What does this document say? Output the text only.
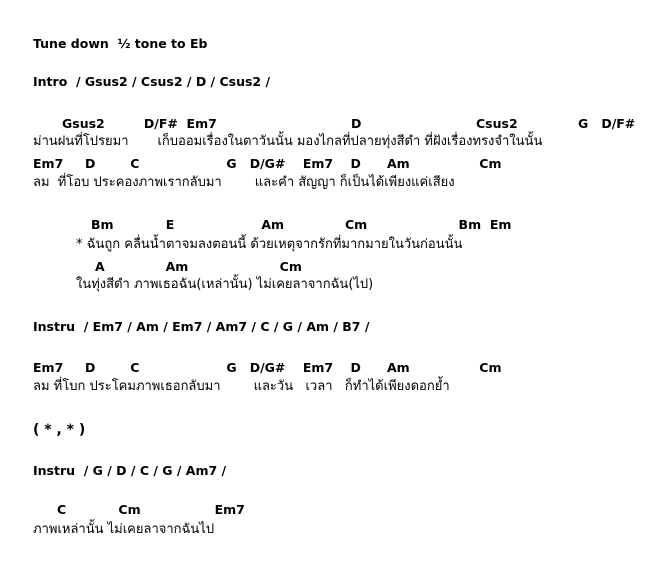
Tune down  ½ tone to Eb
Intro  / Gsus2 / Csus2 / D / Csus2 /
Gsus2         D/F#  Em7	D	Csus2	G   D/F#
ม่านฝนที่โปรยมา       เก็บออมเรื่องในตาวันนั้น มองไกลที่ปลายทุ่งสีดำ ที่ฝังเรื่องทรงจำในนั้น
Em7     D        C                    G   D/G#    Em7    D      Am                Cm
ลม  ที่โอบ ประคองภาพเรากลับมา        และคำ สัญญา ก็เป็นได้เพียงแค่เสียง
Bm            E                    Am              Cm                     Bm  Em
* ฉันถูก คลื่นน้ำตาจมลงตอนนี้ ด้วยเหตุจากรักที่มากมายในวันก่อนนั้น
A              Am                     Cm
ในทุ่งสีดำ ภาพเธอฉัน(เหล่านั้น) ไม่เคยลาจากฉัน(ไป)
Instru  / Em7 / Am / Em7 / Am7 / C / G / Am / B7 /
Em7     D        C                    G   D/G#    Em7    D      Am                Cm
ลม ที่โบก ประโคมภาพเธอกลับมา        และวัน   เวลา   ก็ทำได้เพียงดอกย้ำ
( * , * )
Instru  / G / D / C / G / Am7 /
C            Cm                 Em7
ภาพเหล่านั้น ไม่เคยลาจากฉันไป
